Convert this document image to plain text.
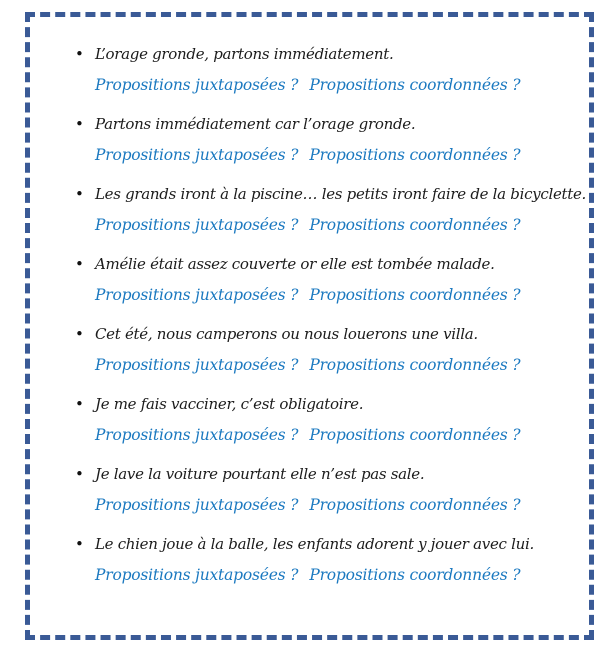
• L’orage gronde, partons immédiatement.
Propositions juxtaposées ? Propositions coordonnées ?
• Partons immédiatement car l’orage gronde.
Propositions juxtaposées ? Propositions coordonnées ?
• Les grands iront à la piscine… les petits iront faire de la bicyclette.
Propositions juxtaposées ? Propositions coordonnées ?
• Amélie était assez couverte or elle est tombée malade.
Propositions juxtaposées ? Propositions coordonnées ?
• Cet été, nous camperons ou nous louerons une villa.
Propositions juxtaposées ? Propositions coordonnées ?
• Je me fais vacciner, c’est obligatoire.
Propositions juxtaposées ? Propositions coordonnées ?
• Je lave la voiture pourtant elle n’est pas sale.
Propositions juxtaposées ? Propositions coordonnées ?
• Le chien joue à la balle, les enfants adorent y jouer avec lui.
Propositions juxtaposées ? Propositions coordonnées ?
